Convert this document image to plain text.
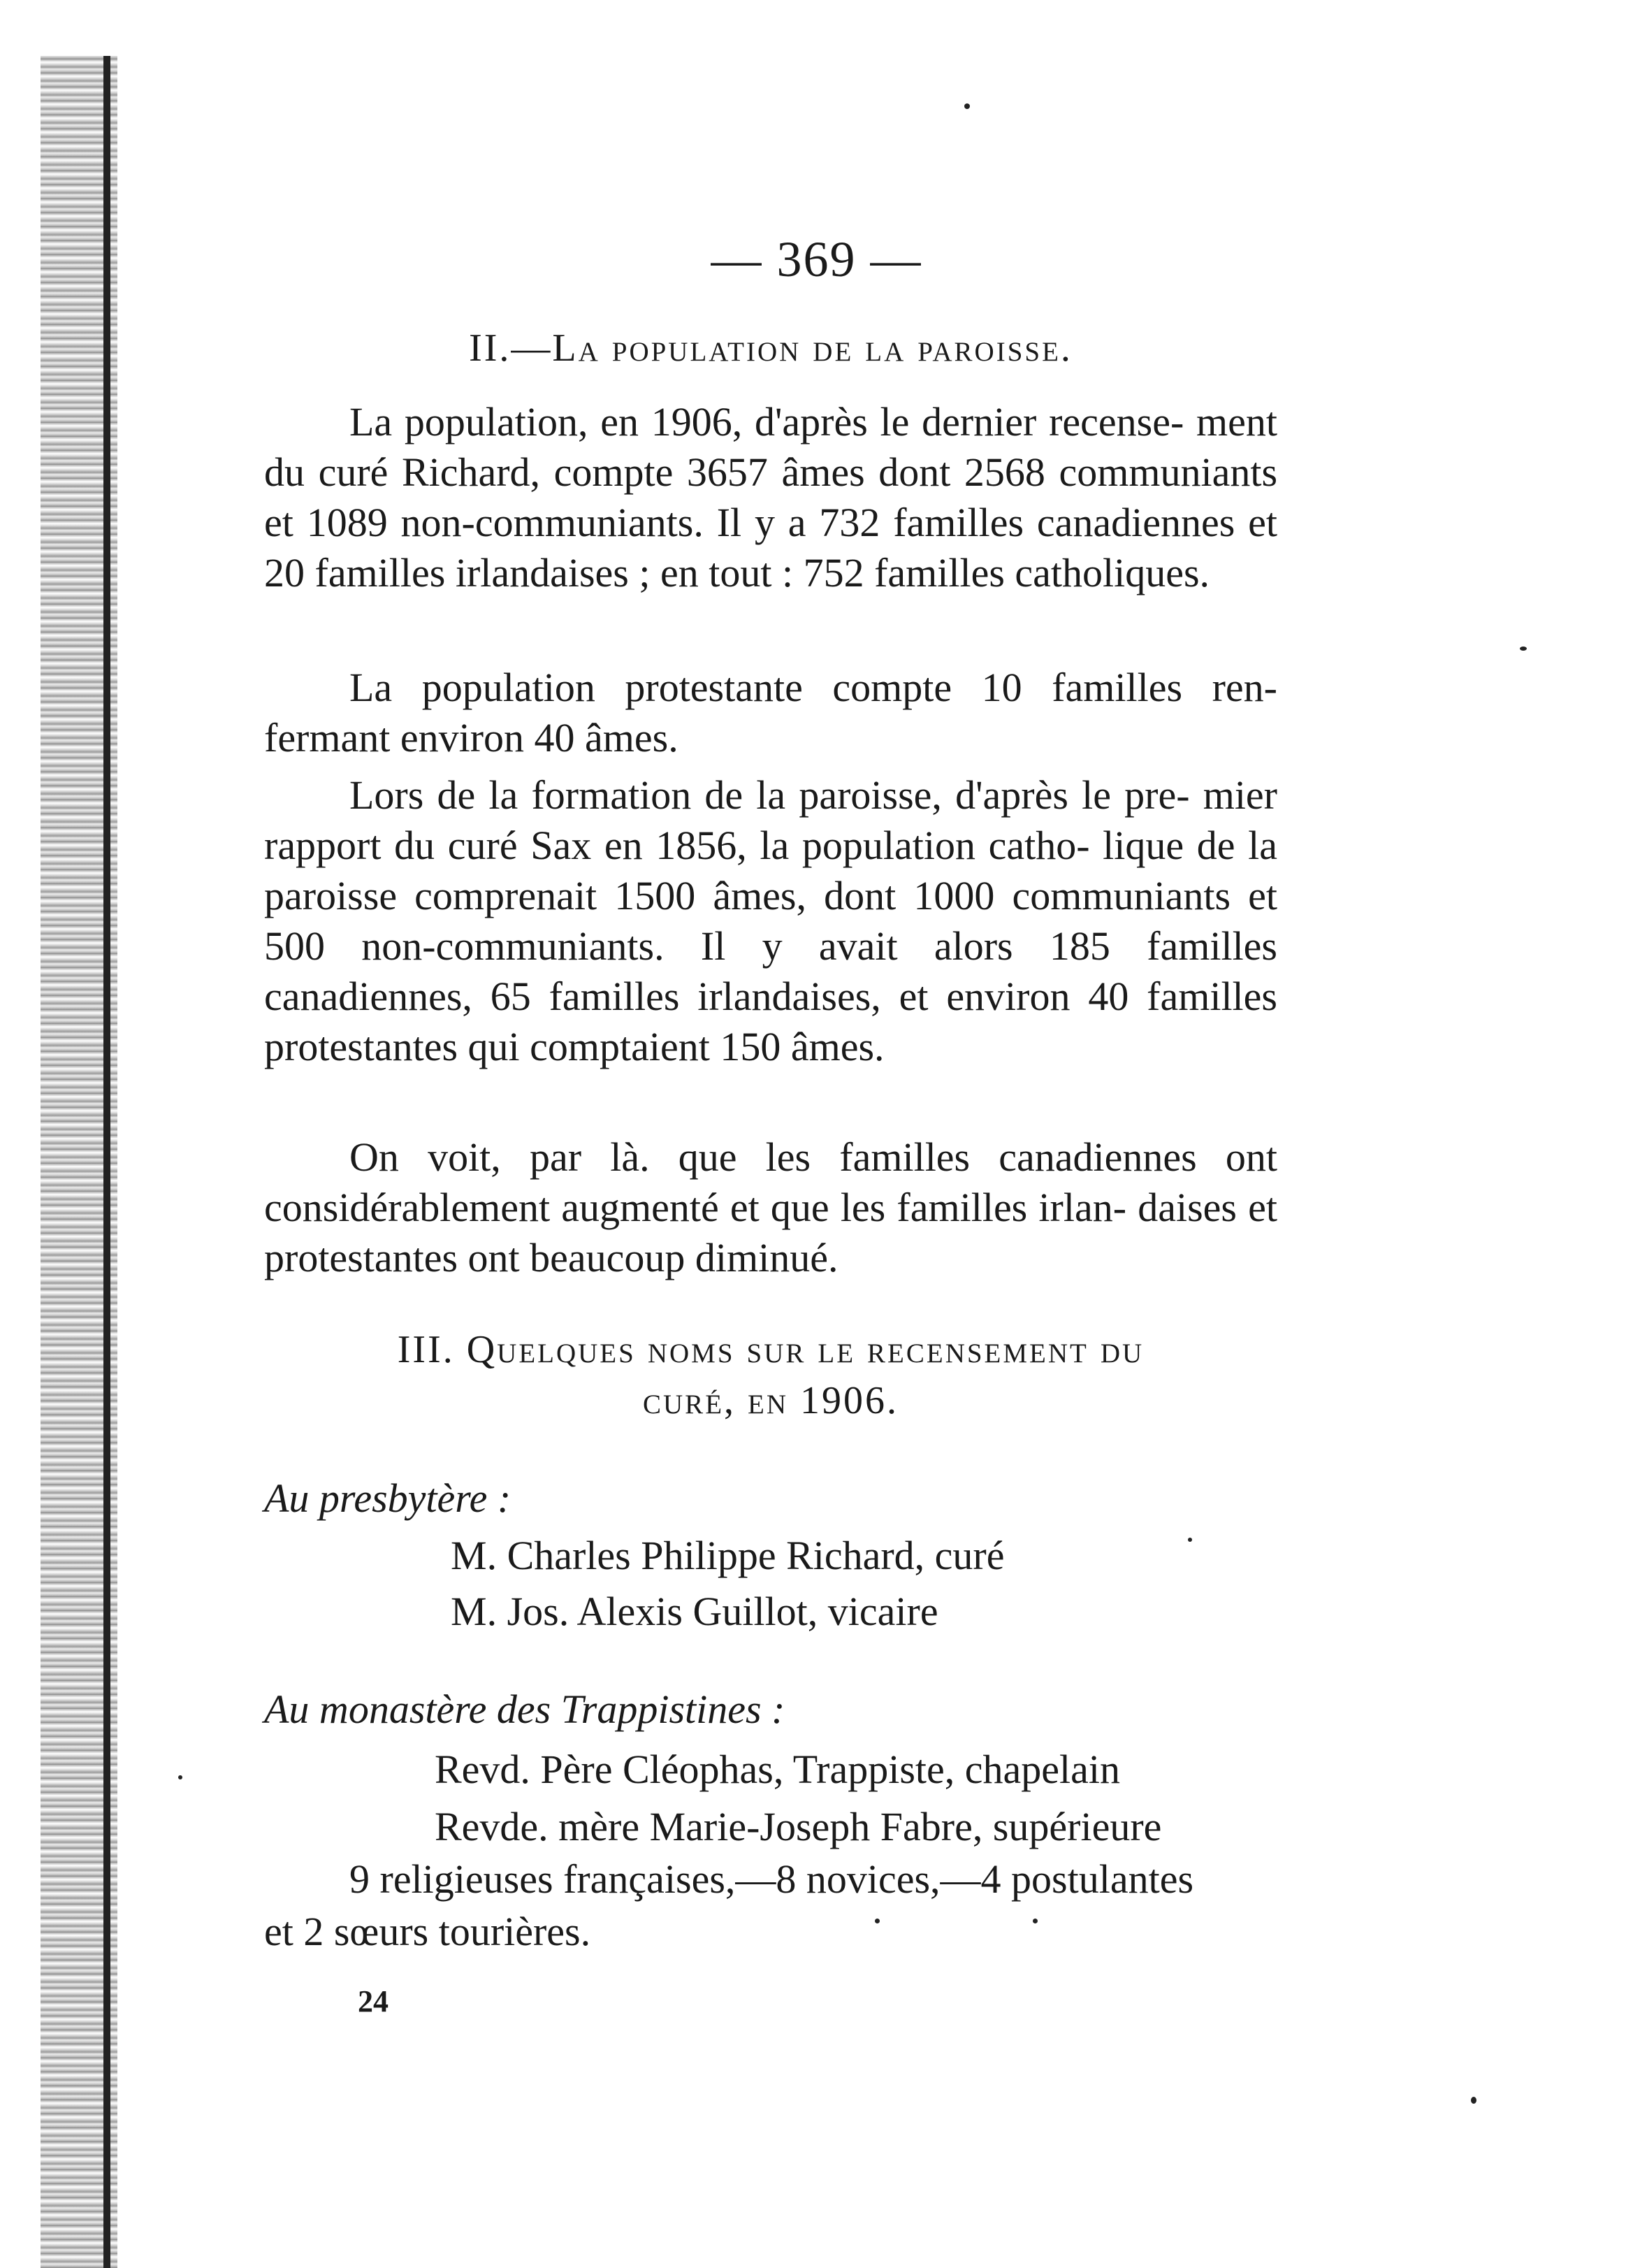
— 369 —
II.—La population de la paroisse.

La population, en 1906, d'après le dernier recense- ment du curé Richard, compte 3657 âmes dont 2568 communiants et 1089 non-communiants. Il y a 732 familles canadiennes et 20 familles irlandaises ; en tout : 752 familles catholiques.

La population protestante compte 10 familles ren- fermant environ 40 âmes.

Lors de la formation de la paroisse, d'après le pre- mier rapport du curé Sax en 1856, la population catho- lique de la paroisse comprenait 1500 âmes, dont 1000 communiants et 500 non-communiants. Il y avait alors 185 familles canadiennes, 65 familles irlandaises, et environ 40 familles protestantes qui comptaient 150 âmes.

On voit, par là. que les familles canadiennes ont considérablement augmenté et que les familles irlan- daises et protestantes ont beaucoup diminué.

III. Quelques noms sur le recensement du
curé, en 1906.
Au presbytère :
M. Charles Philippe Richard, curé
M. Jos. Alexis Guillot, vicaire
Au monastère des Trappistines :
Revd. Père Cléophas, Trappiste, chapelain
Revde. mère Marie-Joseph Fabre, supérieure
9 religieuses françaises,—8 novices,—4 postulantes
et 2 sœurs tourières.
24
